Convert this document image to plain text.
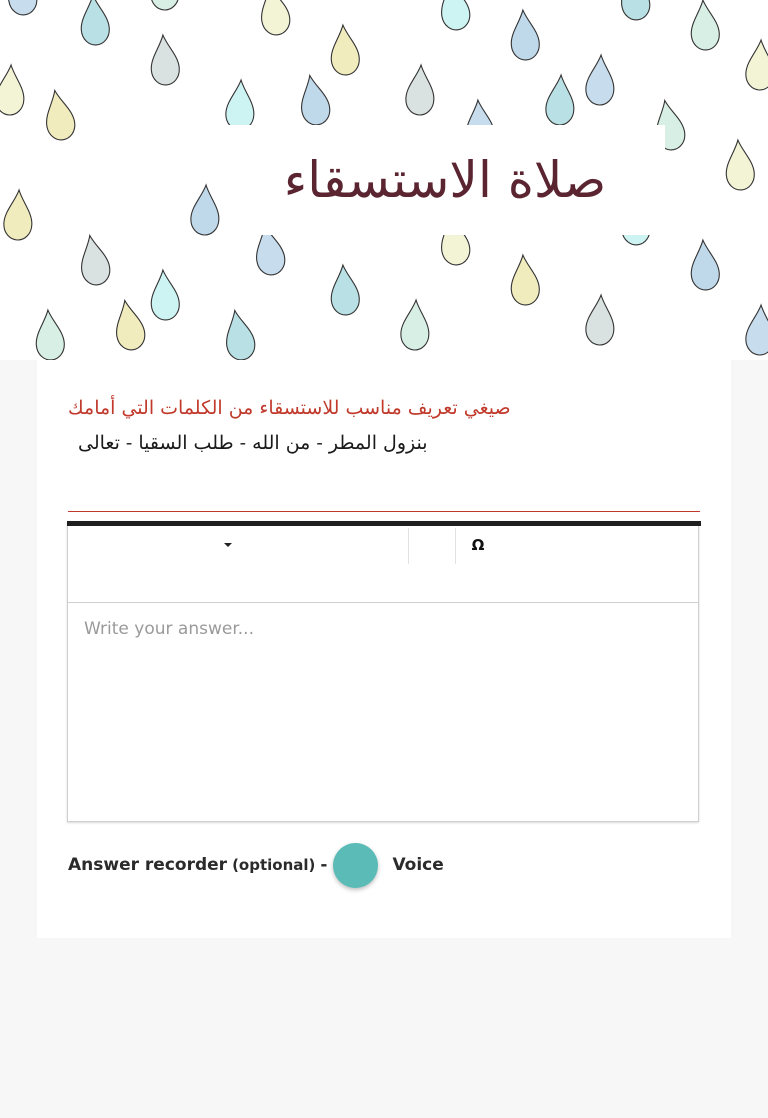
صلاة الاستسقاء
صيغي تعريف مناسب للاستسقاء من الكلمات التي أمامك
بنزول المطر - من الله - طلب السقيا - تعالى
Ω
Write your answer...
Answer recorder (optional) -	Voice
